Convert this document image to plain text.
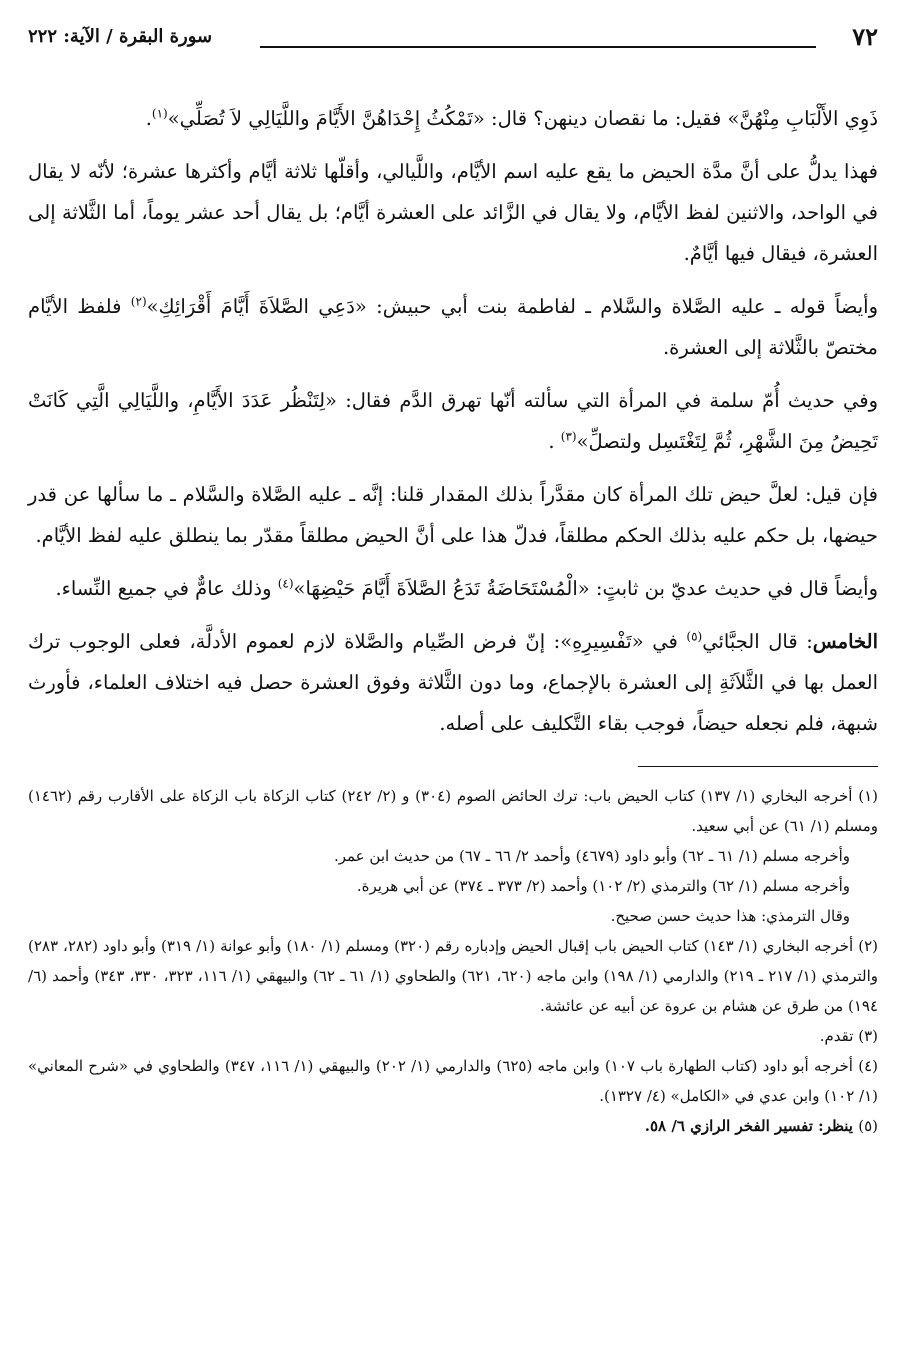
٧٢
سورة البقرة / الآية: ٢٢٢

ذَوِي الأَلْبَابِ مِنْهُنَّ» فقيل: ما نقصان دينهن؟ قال: «تَمْكُثُ إِحْدَاهُنَّ الأَيَّامَ واللَّيَالِي لاَ تُصَلِّي»$^{(١)}$.

فهذا يدلُّ على أنَّ مدَّة الحيض ما يقع عليه اسم الأيَّام، واللَّيالي، وأقلّها ثلاثة أيَّام وأكثرها عشرة؛ لأنّه لا يقال في الواحد، والاثنين لفظ الأيَّام، ولا يقال في الزَّائد على العشرة أيَّام؛ بل يقال أحد عشر يوماً، أما الثَّلاثة إلى العشرة، فيقال فيها أيَّامٌ.

وأيضاً قوله ـ عليه الصَّلاة والسَّلام ـ لفاطمة بنت أبي حبيش: «دَعِي الصَّلاَةَ أَيَّامَ أَقْرَائِكِ»$^{(٢)}$ فلفظ الأيَّام مختصّ بالثَّلاثة إلى العشرة.

وفي حديث أُمّ سلمة في المرأة التي سألته أنّها تهرق الدَّم فقال: «لِتَنْظُر عَدَدَ الأَيَّامِ، واللَّيَالِي الَّتِي كَانَتْ تَحِيضُ مِنَ الشَّهْرِ، ثُمَّ لِتَغْتَسِل ولتصلِّ»$^{(٣)}$ .

فإن قيل: لعلَّ حيض تلك المرأة كان مقدَّراً بذلك المقدار قلنا: إنَّه ـ عليه الصَّلاة والسَّلام ـ ما سألها عن قدر حيضها، بل حكم عليه بذلك الحكم مطلقاً، فدلّ هذا على أنَّ الحيض مطلقاً مقدّر بما ينطلق عليه لفظ الأيَّام.

وأيضاً قال في حديث عديّ بن ثابتٍ: «الْمُسْتَحَاضَةُ تَدَعُ الصَّلاَةَ أَيَّامَ حَيْضِهَا»$^{(٤)}$ وذلك عامٌّ في جميع النِّساء.

الخامس: قال الجبَّائي$^{(٥)}$ في «تَفْسِيرِهِ»: إنّ فرض الصِّيام والصَّلاة لازم لعموم الأدلَّة، فعلى الوجوب ترك العمل بها في الثَّلاَثَةِ إلى العشرة بالإجماع، وما دون الثَّلاثة وفوق العشرة حصل فيه اختلاف العلماء، فأورث شبهة، فلم نجعله حيضاً، فوجب بقاء التَّكليف على أصله.

(١) أخرجه البخاري (١/ ١٣٧) كتاب الحيض باب: ترك الحائض الصوم (٣٠٤) و (٢/ ٢٤٢) كتاب الزكاة باب الزكاة على الأقارب رقم (١٤٦٢) ومسلم (١/ ٦١) عن أبي سعيد.

وأخرجه مسلم (١/ ٦١ ـ ٦٢) وأبو داود (٤٦٧٩) وأحمد ٢/ ٦٦ ـ ٦٧) من حديث ابن عمر.

وأخرجه مسلم (١/ ٦٢) والترمذي (٢/ ١٠٢) وأحمد (٢/ ٣٧٣ ـ ٣٧٤) عن أبي هريرة.

وقال الترمذي: هذا حديث حسن صحيح.

(٢) أخرجه البخاري (١/ ١٤٣) كتاب الحيض باب إقبال الحيض وإدباره رقم (٣٢٠) ومسلم (١/ ١٨٠) وأبو عوانة (١/ ٣١٩) وأبو داود (٢٨٢، ٢٨٣) والترمذي (١/ ٢١٧ ـ ٢١٩) والدارمي (١/ ١٩٨) وابن ماجه (٦٢٠، ٦٢١) والطحاوي (١/ ٦١ ـ ٦٢) والبيهقي (١/ ١١٦، ٣٢٣، ٣٣٠، ٣٤٣) وأحمد (٦/ ١٩٤) من طرق عن هشام بن عروة عن أبيه عن عائشة.

(٣) تقدم.

(٤) أخرجه أبو داود (كتاب الطهارة باب ١٠٧) وابن ماجه (٦٢٥) والدارمي (١/ ٢٠٢) والبيهقي (١/ ١١٦، ٣٤٧) والطحاوي في «شرح المعاني» (١/ ١٠٢) وابن عدي في «الكامل» (٤/ ١٣٢٧).

(٥) ينظر: تفسير الفخر الرازي ٦/ ٥٨.
